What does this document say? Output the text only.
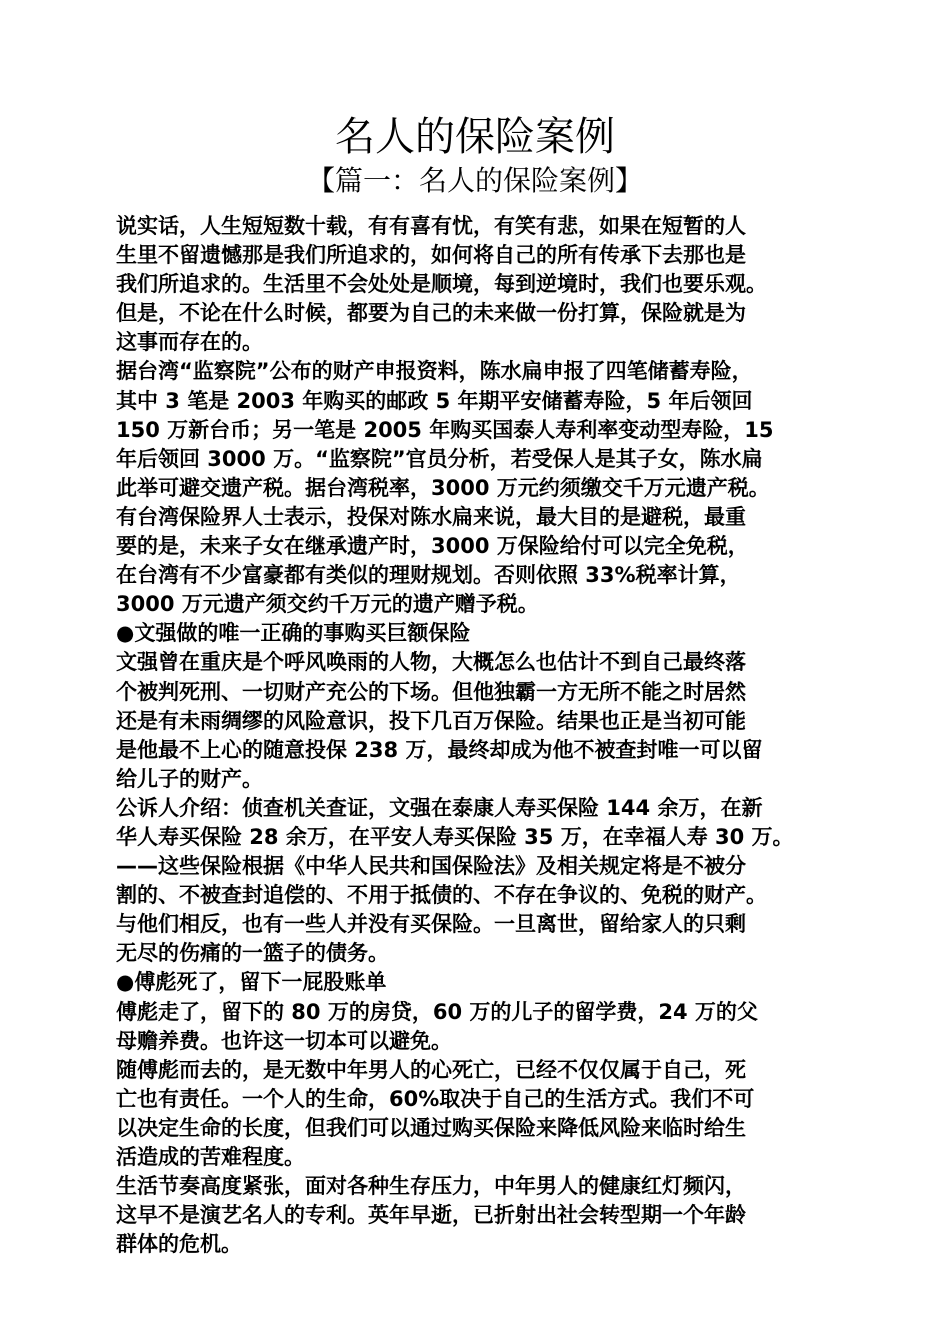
名人的保险案例
【篇一：名人的保险案例】
说实话，人生短短数十载，有有喜有忧，有笑有悲，如果在短暂的人
生里不留遗憾那是我们所追求的，如何将自己的所有传承下去那也是
我们所追求的。生活里不会处处是顺境，每到逆境时，我们也要乐观。
但是，不论在什么时候，都要为自己的未来做一份打算，保险就是为
这事而存在的。
据台湾“监察院”公布的财产申报资料，陈水扁申报了四笔储蓄寿险，
其中 3 笔是 2003 年购买的邮政 5 年期平安储蓄寿险，5 年后领回
150 万新台币；另一笔是 2005 年购买国泰人寿利率变动型寿险，15
年后领回 3000 万。“监察院”官员分析，若受保人是其子女，陈水扁
此举可避交遗产税。据台湾税率，3000 万元约须缴交千万元遗产税。
有台湾保险界人士表示，投保对陈水扁来说，最大目的是避税，最重
要的是，未来子女在继承遗产时，3000 万保险给付可以完全免税，
在台湾有不少富豪都有类似的理财规划。否则依照 33%税率计算，
3000 万元遗产须交约千万元的遗产赠予税。
●文强做的唯一正确的事购买巨额保险
文强曾在重庆是个呼风唤雨的人物，大概怎么也估计不到自己最终落
个被判死刑、一切财产充公的下场。但他独霸一方无所不能之时居然
还是有未雨绸缪的风险意识，投下几百万保险。结果也正是当初可能
是他最不上心的随意投保 238 万，最终却成为他不被查封唯一可以留
给儿子的财产。
公诉人介绍：侦查机关查证，文强在泰康人寿买保险 144 余万，在新
华人寿买保险 28 余万，在平安人寿买保险 35 万，在幸福人寿 30 万。
——这些保险根据《中华人民共和国保险法》及相关规定将是不被分
割的、不被查封追偿的、不用于抵债的、不存在争议的、免税的财产。
与他们相反，也有一些人并没有买保险。一旦离世，留给家人的只剩
无尽的伤痛的一篮子的债务。
●傅彪死了，留下一屁股账单
傅彪走了，留下的 80 万的房贷，60 万的儿子的留学费，24 万的父
母赡养费。也许这一切本可以避免。
随傅彪而去的，是无数中年男人的心死亡，已经不仅仅属于自己，死
亡也有责任。一个人的生命，60%取决于自己的生活方式。我们不可
以决定生命的长度，但我们可以通过购买保险来降低风险来临时给生
活造成的苦难程度。
生活节奏高度紧张，面对各种生存压力，中年男人的健康红灯频闪，
这早不是演艺名人的专利。英年早逝，已折射出社会转型期一个年龄
群体的危机。
